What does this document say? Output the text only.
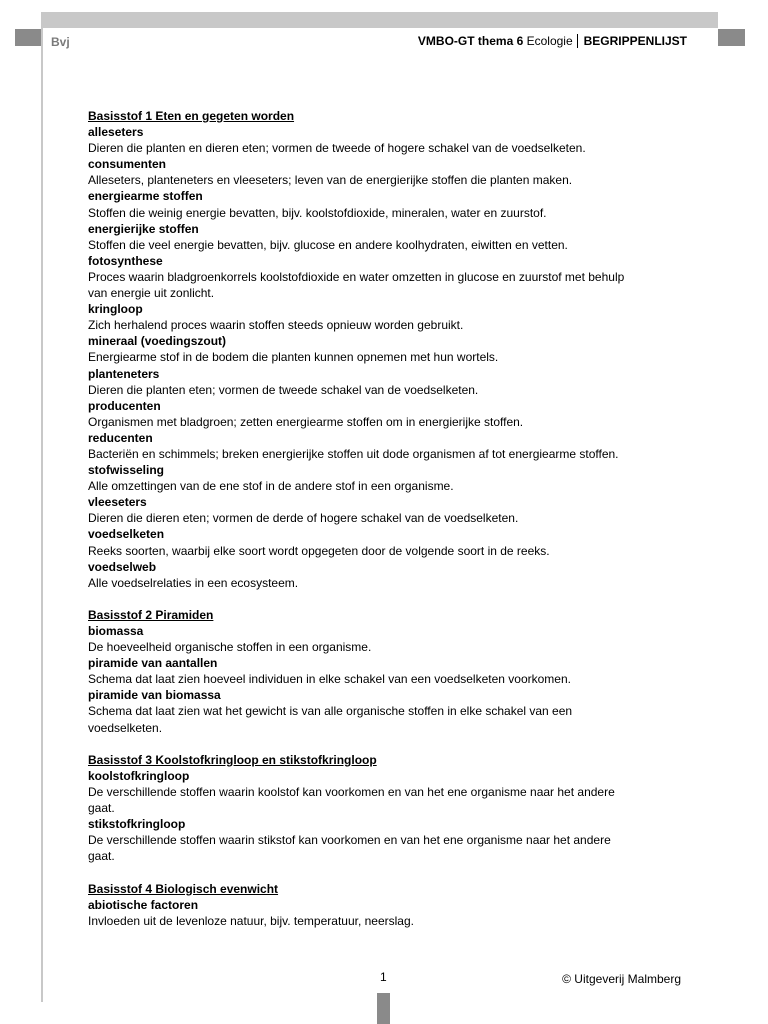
Bvj	VMBO-GT thema 6 Ecologie BEGRIPPENLIJST
Basisstof 1 Eten en gegeten worden
alleseters
Dieren die planten en dieren eten; vormen de tweede of hogere schakel van de voedselketen.
consumenten
Alleseters, planteneters en vleeseters; leven van de energierijke stoffen die planten maken.
energiearme stoffen
Stoffen die weinig energie bevatten, bijv. koolstofdioxide, mineralen, water en zuurstof.
energierijke stoffen
Stoffen die veel energie bevatten, bijv. glucose en andere koolhydraten, eiwitten en vetten.
fotosynthese
Proces waarin bladgroenkorrels koolstofdioxide en water omzetten in glucose en zuurstof met behulp
van energie uit zonlicht.
kringloop
Zich herhalend proces waarin stoffen steeds opnieuw worden gebruikt.
mineraal (voedingszout)
Energiearme stof in de bodem die planten kunnen opnemen met hun wortels.
planteneters
Dieren die planten eten; vormen de tweede schakel van de voedselketen.
producenten
Organismen met bladgroen; zetten energiearme stoffen om in energierijke stoffen.
reducenten
Bacteriën en schimmels; breken energierijke stoffen uit dode organismen af tot energiearme stoffen.
stofwisseling
Alle omzettingen van de ene stof in de andere stof in een organisme.
vleeseters
Dieren die dieren eten; vormen de derde of hogere schakel van de voedselketen.
voedselketen
Reeks soorten, waarbij elke soort wordt opgegeten door de volgende soort in de reeks.
voedselweb
Alle voedselrelaties in een ecosysteem.
Basisstof 2 Piramiden
biomassa
De hoeveelheid organische stoffen in een organisme.
piramide van aantallen
Schema dat laat zien hoeveel individuen in elke schakel van een voedselketen voorkomen.
piramide van biomassa
Schema dat laat zien wat het gewicht is van alle organische stoffen in elke schakel van een
voedselketen.
Basisstof 3 Koolstofkringloop en stikstofkringloop
koolstofkringloop
De verschillende stoffen waarin koolstof kan voorkomen en van het ene organisme naar het andere
gaat.
stikstofkringloop
De verschillende stoffen waarin stikstof kan voorkomen en van het ene organisme naar het andere
gaat.
Basisstof 4 Biologisch evenwicht
abiotische factoren
Invloeden uit de levenloze natuur, bijv. temperatuur, neerslag.
1	© Uitgeverij Malmberg
